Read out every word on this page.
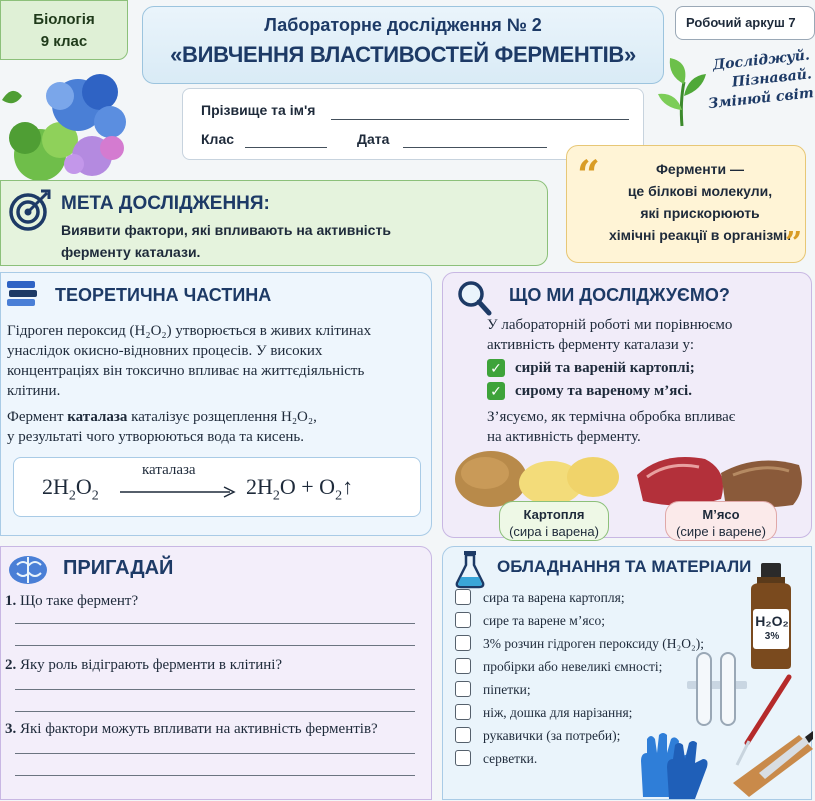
Біологія
9 клас
Лабораторне дослідження № 2
«ВИВЧЕННЯ ВЛАСТИВОСТЕЙ ФЕРМЕНТІВ»
Робочий аркуш 7
Досліджуй.
Пізнавай.
Змінюй світ
Прізвище та ім'я
Клас	Дата
“	Ферменти —
це білкові молекули,
які прискорюють
хімічні реакції в організмі.
”
МЕТА ДОСЛІДЖЕННЯ:
Виявити фактори, які впливають на активність
ферменту каталази.
ТЕОРЕТИЧНА ЧАСТИНА
Гідроген пероксид (H₂O₂) утворюється в живих клітинах
унаслідок окисно-відновних процесів. У високих
концентраціях він токсично впливає на життєдіяльність
клітини.
Фермент каталаза каталізує розщеплення H₂O₂,
у результаті чого утворюються вода та кисень.
$2H_2O_2$
каталаза
$2H_2O$ + $O_2↑$
ЩО МИ ДОСЛІДЖУЄМО?
У лабораторній роботі ми порівнюємо
активність ферменту каталази у:
✓ сирій та вареній картоплі;
✓ сирому та вареному м’ясі.
З’ясуємо, як термічна обробка впливає
на активність ферменту.
Картопля
(сира і варена)
М’ясо
(сире і варене)
ПРИГАДАЙ
1. Що таке фермент?
2. Яку роль відіграють ферменти в клітині?
3. Які фактори можуть впливати на активність ферментів?
ОБЛАДНАННЯ ТА МАТЕРІАЛИ
сира та варена картопля;
сире та варене м’ясо;
3% розчин гідроген пероксиду (H₂O₂);
пробірки або невеликі ємності;
піпетки;
ніж, дошка для нарізання;
рукавички (за потреби);
серветки.
H₂O₂
3%
